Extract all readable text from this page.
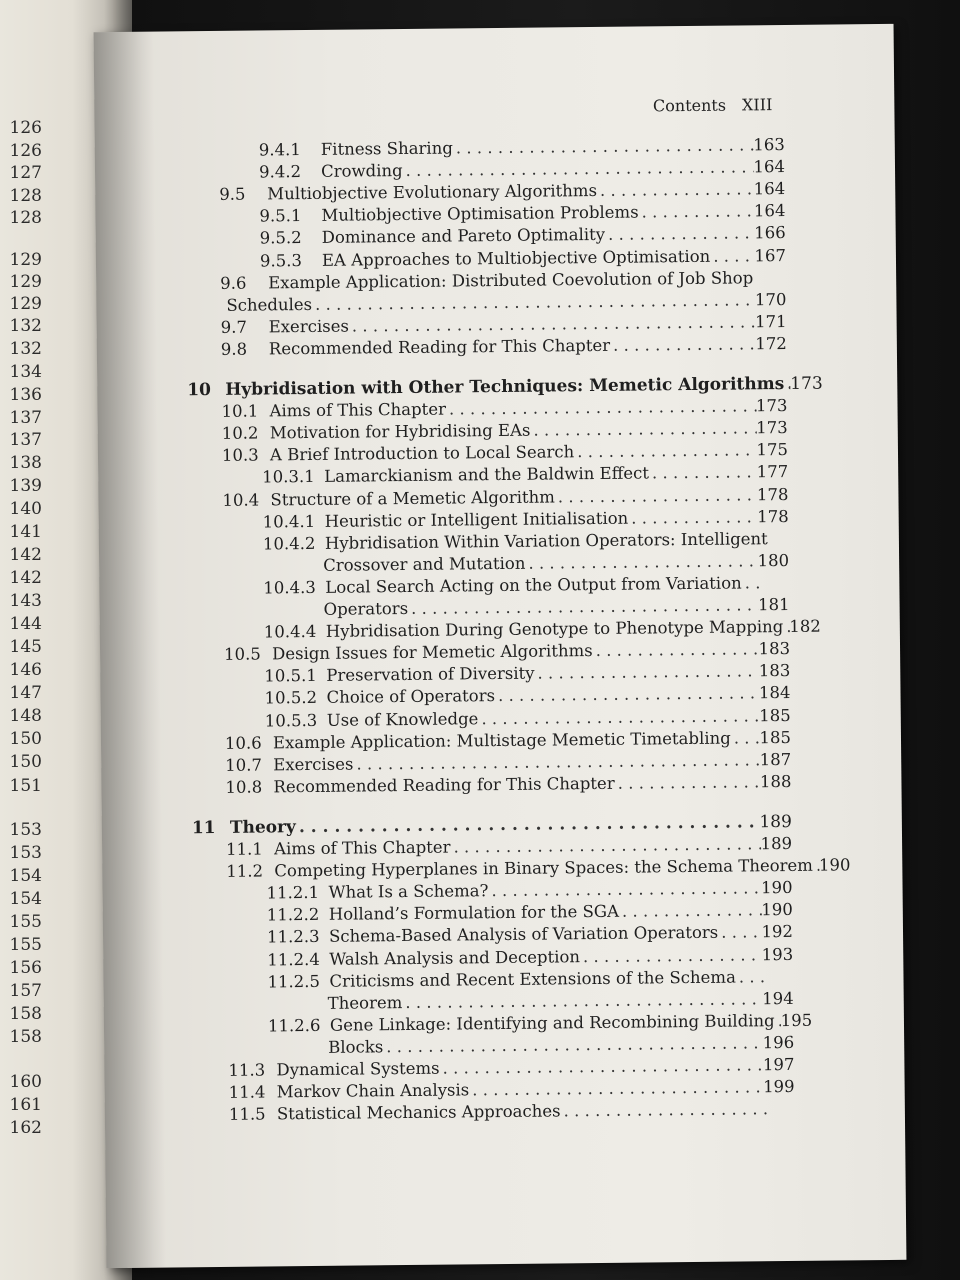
126
126
127
128
128
129
129
129
132
132
134
136
137
137
138
139
140
141
142
142
143
144
145
146
147
148
150
150
151
153
153
154
154
155
155
156
157
158
158
160
161
162
Contents XIII
9.4.1	Fitness Sharing . . .	163
9.4.2	Crowding . . .	164
9.5	Multiobjective Evolutionary Algorithms . . .	164
9.5.1	Multiobjective Optimisation Problems . . .	164
9.5.2	Dominance and Pareto Optimality . . .	166
9.5.3	EA Approaches to Multiobjective Optimisation . . .	167
9.6	Example Application: Distributed Coevolution of Job Shop
Schedules . . .	170
9.7	Exercises . . .	171
9.8	Recommended Reading for This Chapter . . .	172
10 Hybridisation with Other Techniques: Memetic Algorithms . . . 173
10.1 Aims of This Chapter . . .	173
10.2 Motivation for Hybridising EAs . . .	173
10.3 A Brief Introduction to Local Search . . .	175
10.3.1 Lamarckianism and the Baldwin Effect . . .	177
10.4 Structure of a Memetic Algorithm . . .	178
10.4.1 Heuristic or Intelligent Initialisation . . .	178
10.4.2 Hybridisation Within Variation Operators: Intelligent
Crossover and Mutation . . .	180
10.4.3 Local Search Acting on the Output from Variation
. . .
Operators . . .	181
10.4.4 Hybridisation During Genotype to Phenotype Mapping . . . 182
10.5 Design Issues for Memetic Algorithms . . .	183
10.5.1 Preservation of Diversity . . .	183
10.5.2 Choice of Operators . . .	184
10.5.3 Use of Knowledge . . .	185
10.6 Example Application: Multistage Memetic Timetabling . . . 185
10.7 Exercises . . .	187
10.8 Recommended Reading for This Chapter . . .	188
11 Theory . . .	189
11.1 Aims of This Chapter . . .	189
11.2 Competing Hyperplanes in Binary Spaces: the Schema Theorem . . . 190
11.2.1 What Is a Schema? . . .	190
11.2.2 Holland’s Formulation for the SGA . . .	190
11.2.3 Schema-Based Analysis of Variation Operators . . .	192
11.2.4 Walsh Analysis and Deception . . .	193
11.2.5 Criticisms and Recent Extensions of the Schema
. . .
Theorem . . .	194
11.2.6 Gene Linkage: Identifying and Recombining Building . . . 195
Blocks . . .	196
11.3 Dynamical Systems . . .	197
11.4 Markov Chain Analysis . . .	199
11.5 Statistical Mechanics Approaches
. . .
